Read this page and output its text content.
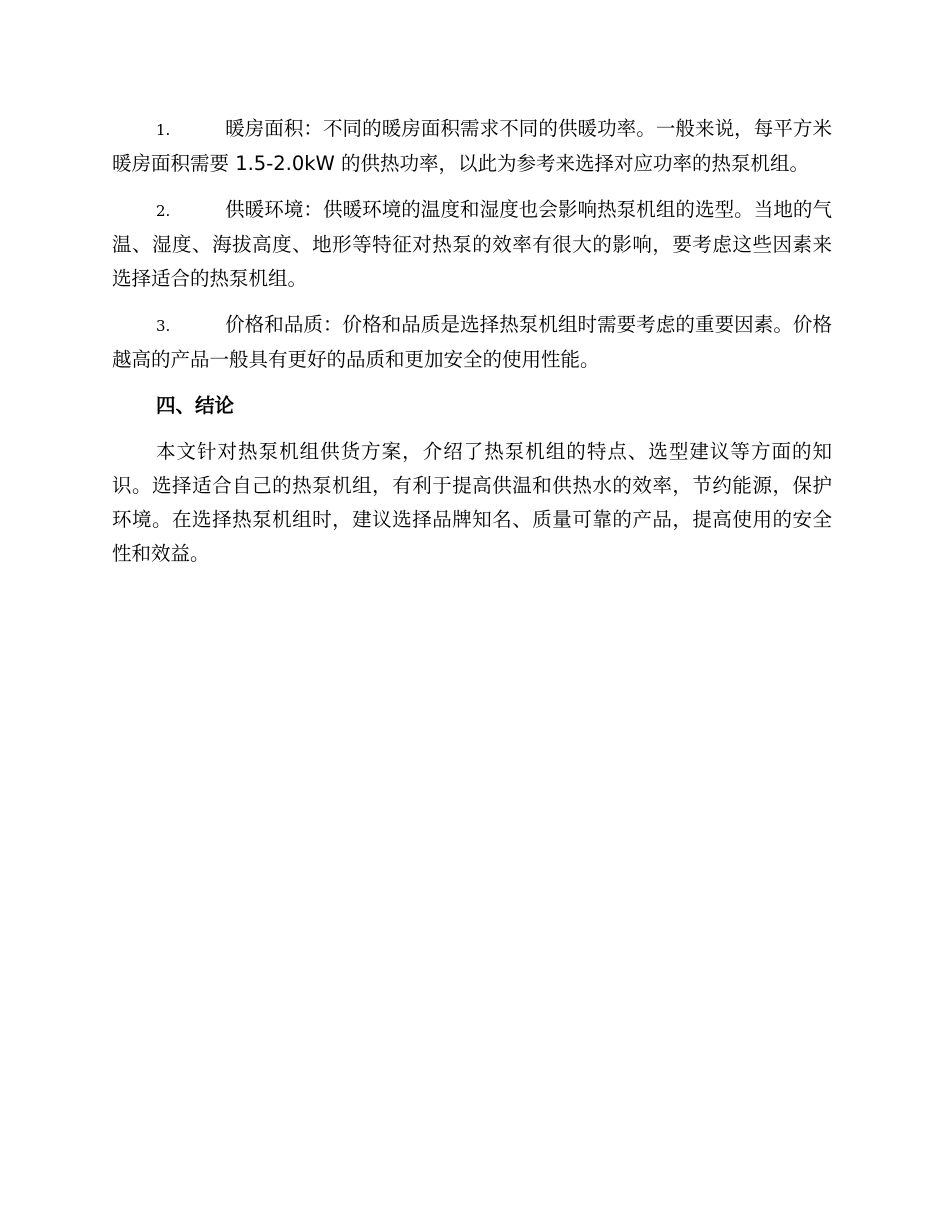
1.	暖房面积：不同的暖房面积需求不同的供暖功率。一般来说，每平方米暖房面积需要 1.5-2.0kW 的供热功率，以此为参考来选择对应功率的热泵机组。

2.	供暖环境：供暖环境的温度和湿度也会影响热泵机组的选型。当地的气温、湿度、海拔高度、地形等特征对热泵的效率有很大的影响，要考虑这些因素来选择适合的热泵机组。

3.	价格和品质：价格和品质是选择热泵机组时需要考虑的重要因素。价格越高的产品一般具有更好的品质和更加安全的使用性能。

四、结论

本文针对热泵机组供货方案，介绍了热泵机组的特点、选型建议等方面的知识。选择适合自己的热泵机组，有利于提高供温和供热水的效率，节约能源，保护环境。在选择热泵机组时，建议选择品牌知名、质量可靠的产品，提高使用的安全性和效益。
